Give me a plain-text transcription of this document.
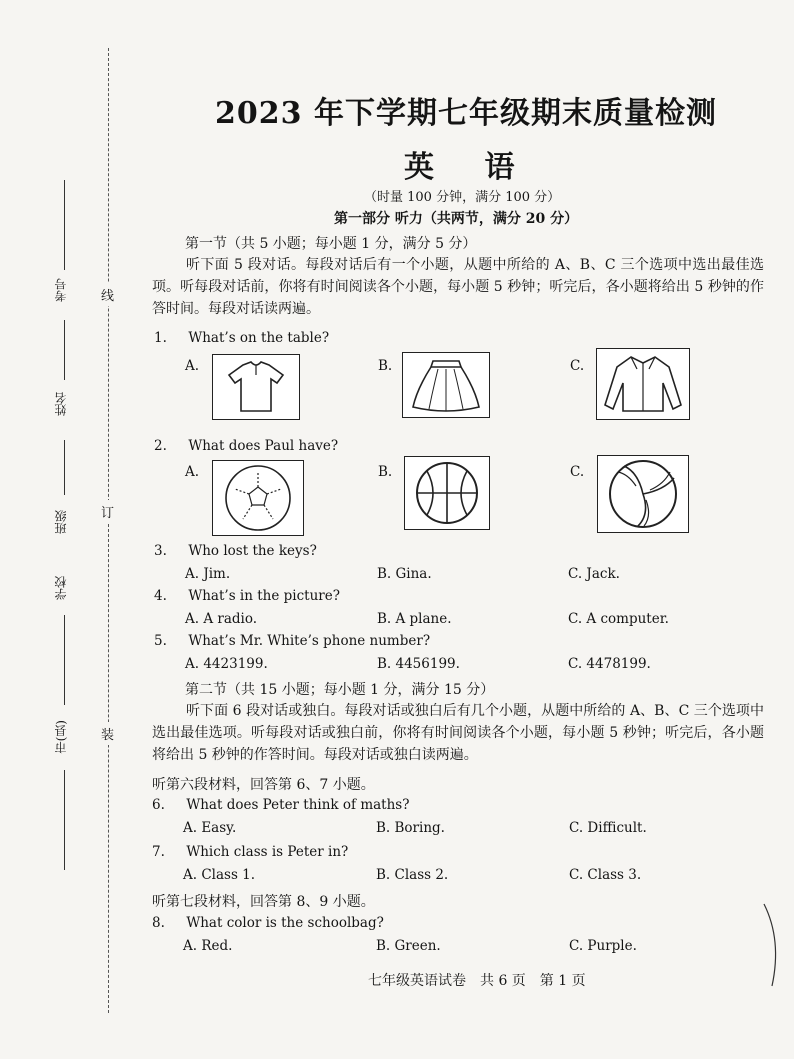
线
订
装
考号
姓名
班级
学校
市(县)
2023 年下学期七年级期末质量检测
英 语
（时量 100 分钟，满分 100 分）
第一部分 听力（共两节，满分 20 分）
第一节（共 5 小题；每小题 1 分，满分 5 分）
听下面 5 段对话。每段对话后有一个小题，从题中所给的 A、B、C 三个选项中选出最佳选项。听每段对话前，你将有时间阅读各个小题，每小题 5 秒钟；听完后，各小题将给出 5 秒钟的作答时间。每段对话读两遍。
1. What’s on the table?
A.	B.	C.
2. What does Paul have?
A.	B.	C.
3. Who lost the keys?
A. Jim.	B. Gina.	C. Jack.
4. What’s in the picture?
A. A radio.	B. A plane.	C. A computer.
5. What’s Mr. White’s phone number?
A. 4423199.	B. 4456199.	C. 4478199.
第二节（共 15 小题；每小题 1 分，满分 15 分）
听下面 6 段对话或独白。每段对话或独白后有几个小题，从题中所给的 A、B、C 三个选项中选出最佳选项。听每段对话或独白前，你将有时间阅读各个小题，每小题 5 秒钟；听完后，各小题将给出 5 秒钟的作答时间。每段对话或独白读两遍。
听第六段材料，回答第 6、7 小题。
6. What does Peter think of maths?
A. Easy.	B. Boring.	C. Difficult.
7. Which class is Peter in?
A. Class 1.	B. Class 2.	C. Class 3.
听第七段材料，回答第 8、9 小题。
8. What color is the schoolbag?
A. Red.	B. Green.	C. Purple.
七年级英语试卷　共 6 页　第 1 页
